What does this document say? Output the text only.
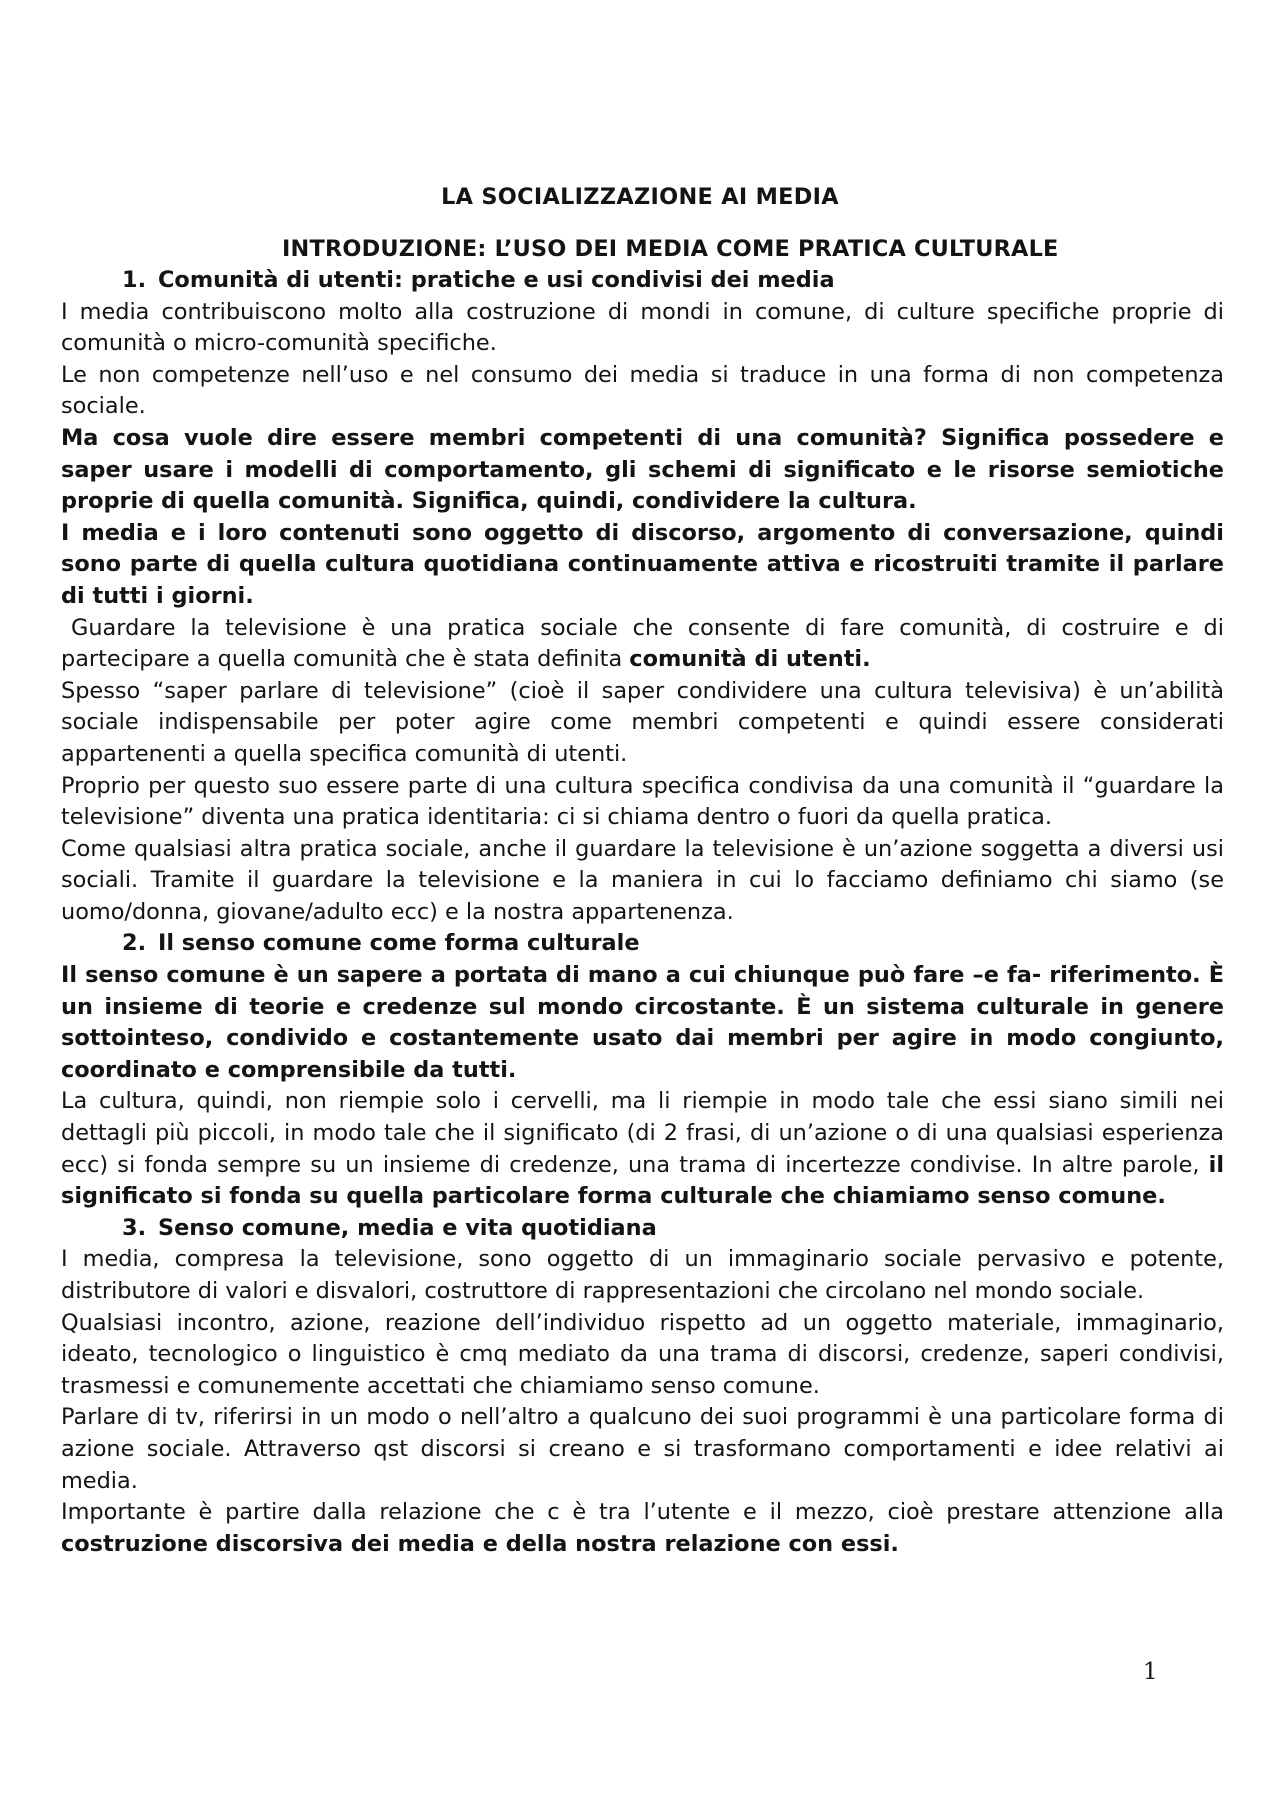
LA SOCIALIZZAZIONE AI MEDIA
INTRODUZIONE: L’USO DEI MEDIA COME PRATICA CULTURALE

1. Comunità di utenti: pratiche e usi condivisi dei media

I media contribuiscono molto alla costruzione di mondi in comune, di culture specifiche proprie di comunità o micro-comunità specifiche.

Le non competenze nell’uso e nel consumo dei media si traduce in una forma di non competenza sociale.

Ma cosa vuole dire essere membri competenti di una comunità? Significa possedere e saper usare i modelli di comportamento, gli schemi di significato e le risorse semiotiche proprie di quella comunità. Significa, quindi, condividere la cultura.

I media e i loro contenuti sono oggetto di discorso, argomento di conversazione, quindi sono parte di quella cultura quotidiana continuamente attiva e ricostruiti tramite il parlare di tutti i giorni.

Guardare la televisione è una pratica sociale che consente di fare comunità, di costruire e di partecipare a quella comunità che è stata definita comunità di utenti.

Spesso “saper parlare di televisione” (cioè il saper condividere una cultura televisiva) è un’abilità sociale indispensabile per poter agire come membri competenti e quindi essere considerati appartenenti a quella specifica comunità di utenti.

Proprio per questo suo essere parte di una cultura specifica condivisa da una comunità il “guardare la televisione” diventa una pratica identitaria: ci si chiama dentro o fuori da quella pratica.

Come qualsiasi altra pratica sociale, anche il guardare la televisione è un’azione soggetta a diversi usi sociali. Tramite il guardare la televisione e la maniera in cui lo facciamo definiamo chi siamo (se uomo/donna, giovane/adulto ecc) e la nostra appartenenza.

2. Il senso comune come forma culturale

Il senso comune è un sapere a portata di mano a cui chiunque può fare –e fa- riferimento. È un insieme di teorie e credenze sul mondo circostante. È un sistema culturale in genere sottointeso, condivido e costantemente usato dai membri per agire in modo congiunto, coordinato e comprensibile da tutti.

La cultura, quindi, non riempie solo i cervelli, ma li riempie in modo tale che essi siano simili nei dettagli più piccoli, in modo tale che il significato (di 2 frasi, di un’azione o di una qualsiasi esperienza ecc) si fonda sempre su un insieme di credenze, una trama di incertezze condivise. In altre parole, il significato si fonda su quella particolare forma culturale che chiamiamo senso comune.

3. Senso comune, media e vita quotidiana

I media, compresa la televisione, sono oggetto di un immaginario sociale pervasivo e potente, distributore di valori e disvalori, costruttore di rappresentazioni che circolano nel mondo sociale.

Qualsiasi incontro, azione, reazione dell’individuo rispetto ad un oggetto materiale, immaginario, ideato, tecnologico o linguistico è cmq mediato da una trama di discorsi, credenze, saperi condivisi, trasmessi e comunemente accettati che chiamiamo senso comune.

Parlare di tv, riferirsi in un modo o nell’altro a qualcuno dei suoi programmi è una particolare forma di azione sociale. Attraverso qst discorsi si creano e si trasformano comportamenti e idee relativi ai media.

Importante è partire dalla relazione che c è tra l’utente e il mezzo, cioè prestare attenzione alla costruzione discorsiva dei media e della nostra relazione con essi.

1
